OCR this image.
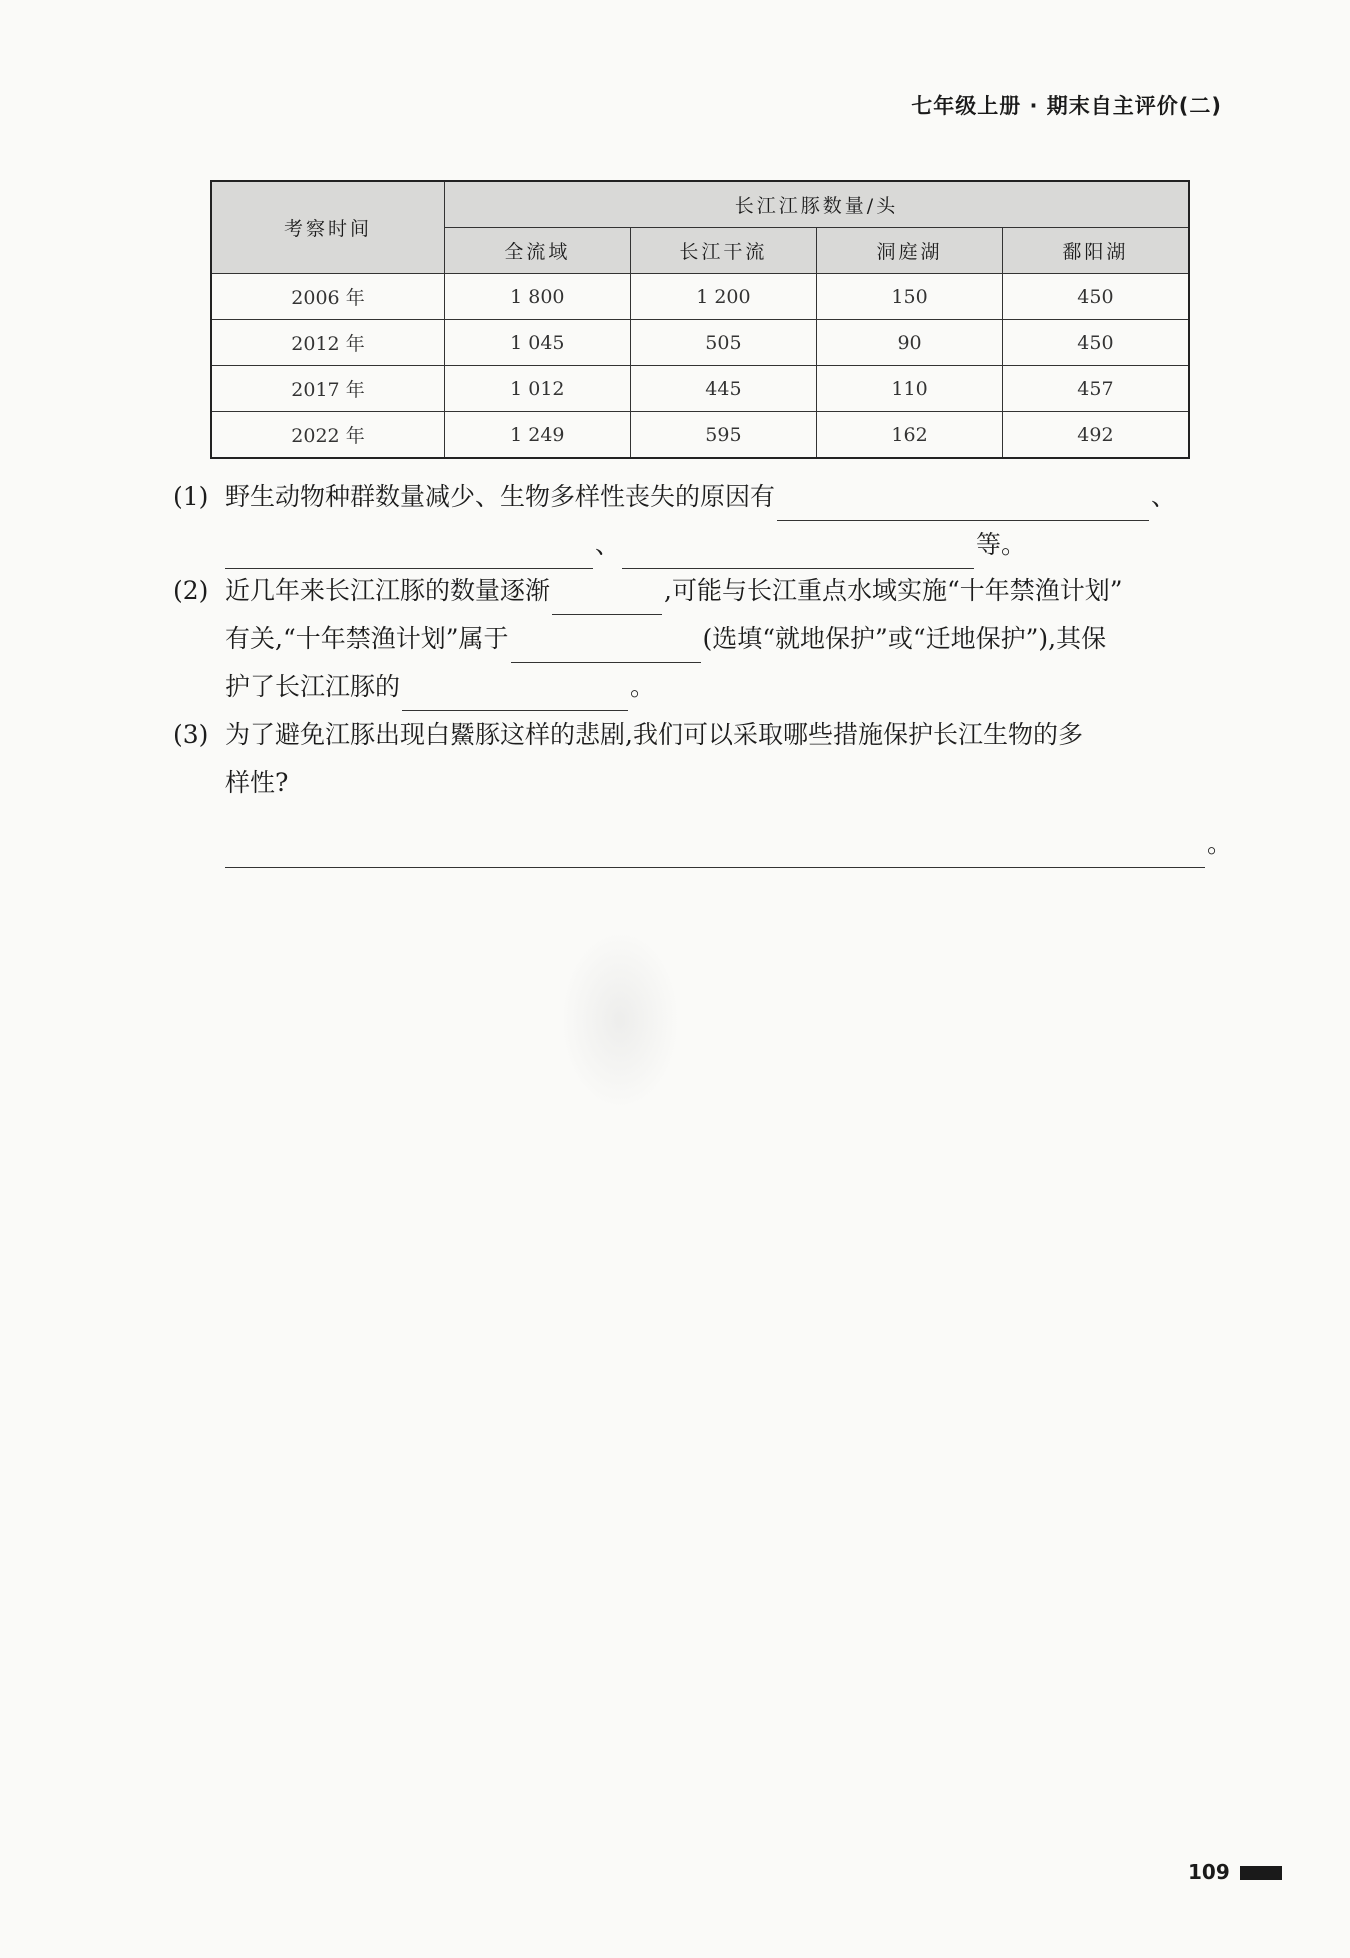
七年级上册 · 期末自主评价(二)
考察时间	长江江豚数量/头			
	全流域	长江干流	洞庭湖	鄱阳湖
2006 年	1 800	1 200	150	450
2012 年	1 045	505	90	450
2017 年	1 012	445	110	457
2022 年	1 249	595	162	492
(1) 野生动物种群数量减少、生物多样性丧失的原因有	、
、	等。
(2) 近几年来长江江豚的数量逐渐	,可能与长江重点水域实施“十年禁渔计划”
有关,“十年禁渔计划”属于	(选填“就地保护”或“迁地保护”),其保
护了长江江豚的	。
(3) 为了避免江豚出现白鱀豚这样的悲剧,我们可以采取哪些措施保护长江生物的多
样性?
。
109
